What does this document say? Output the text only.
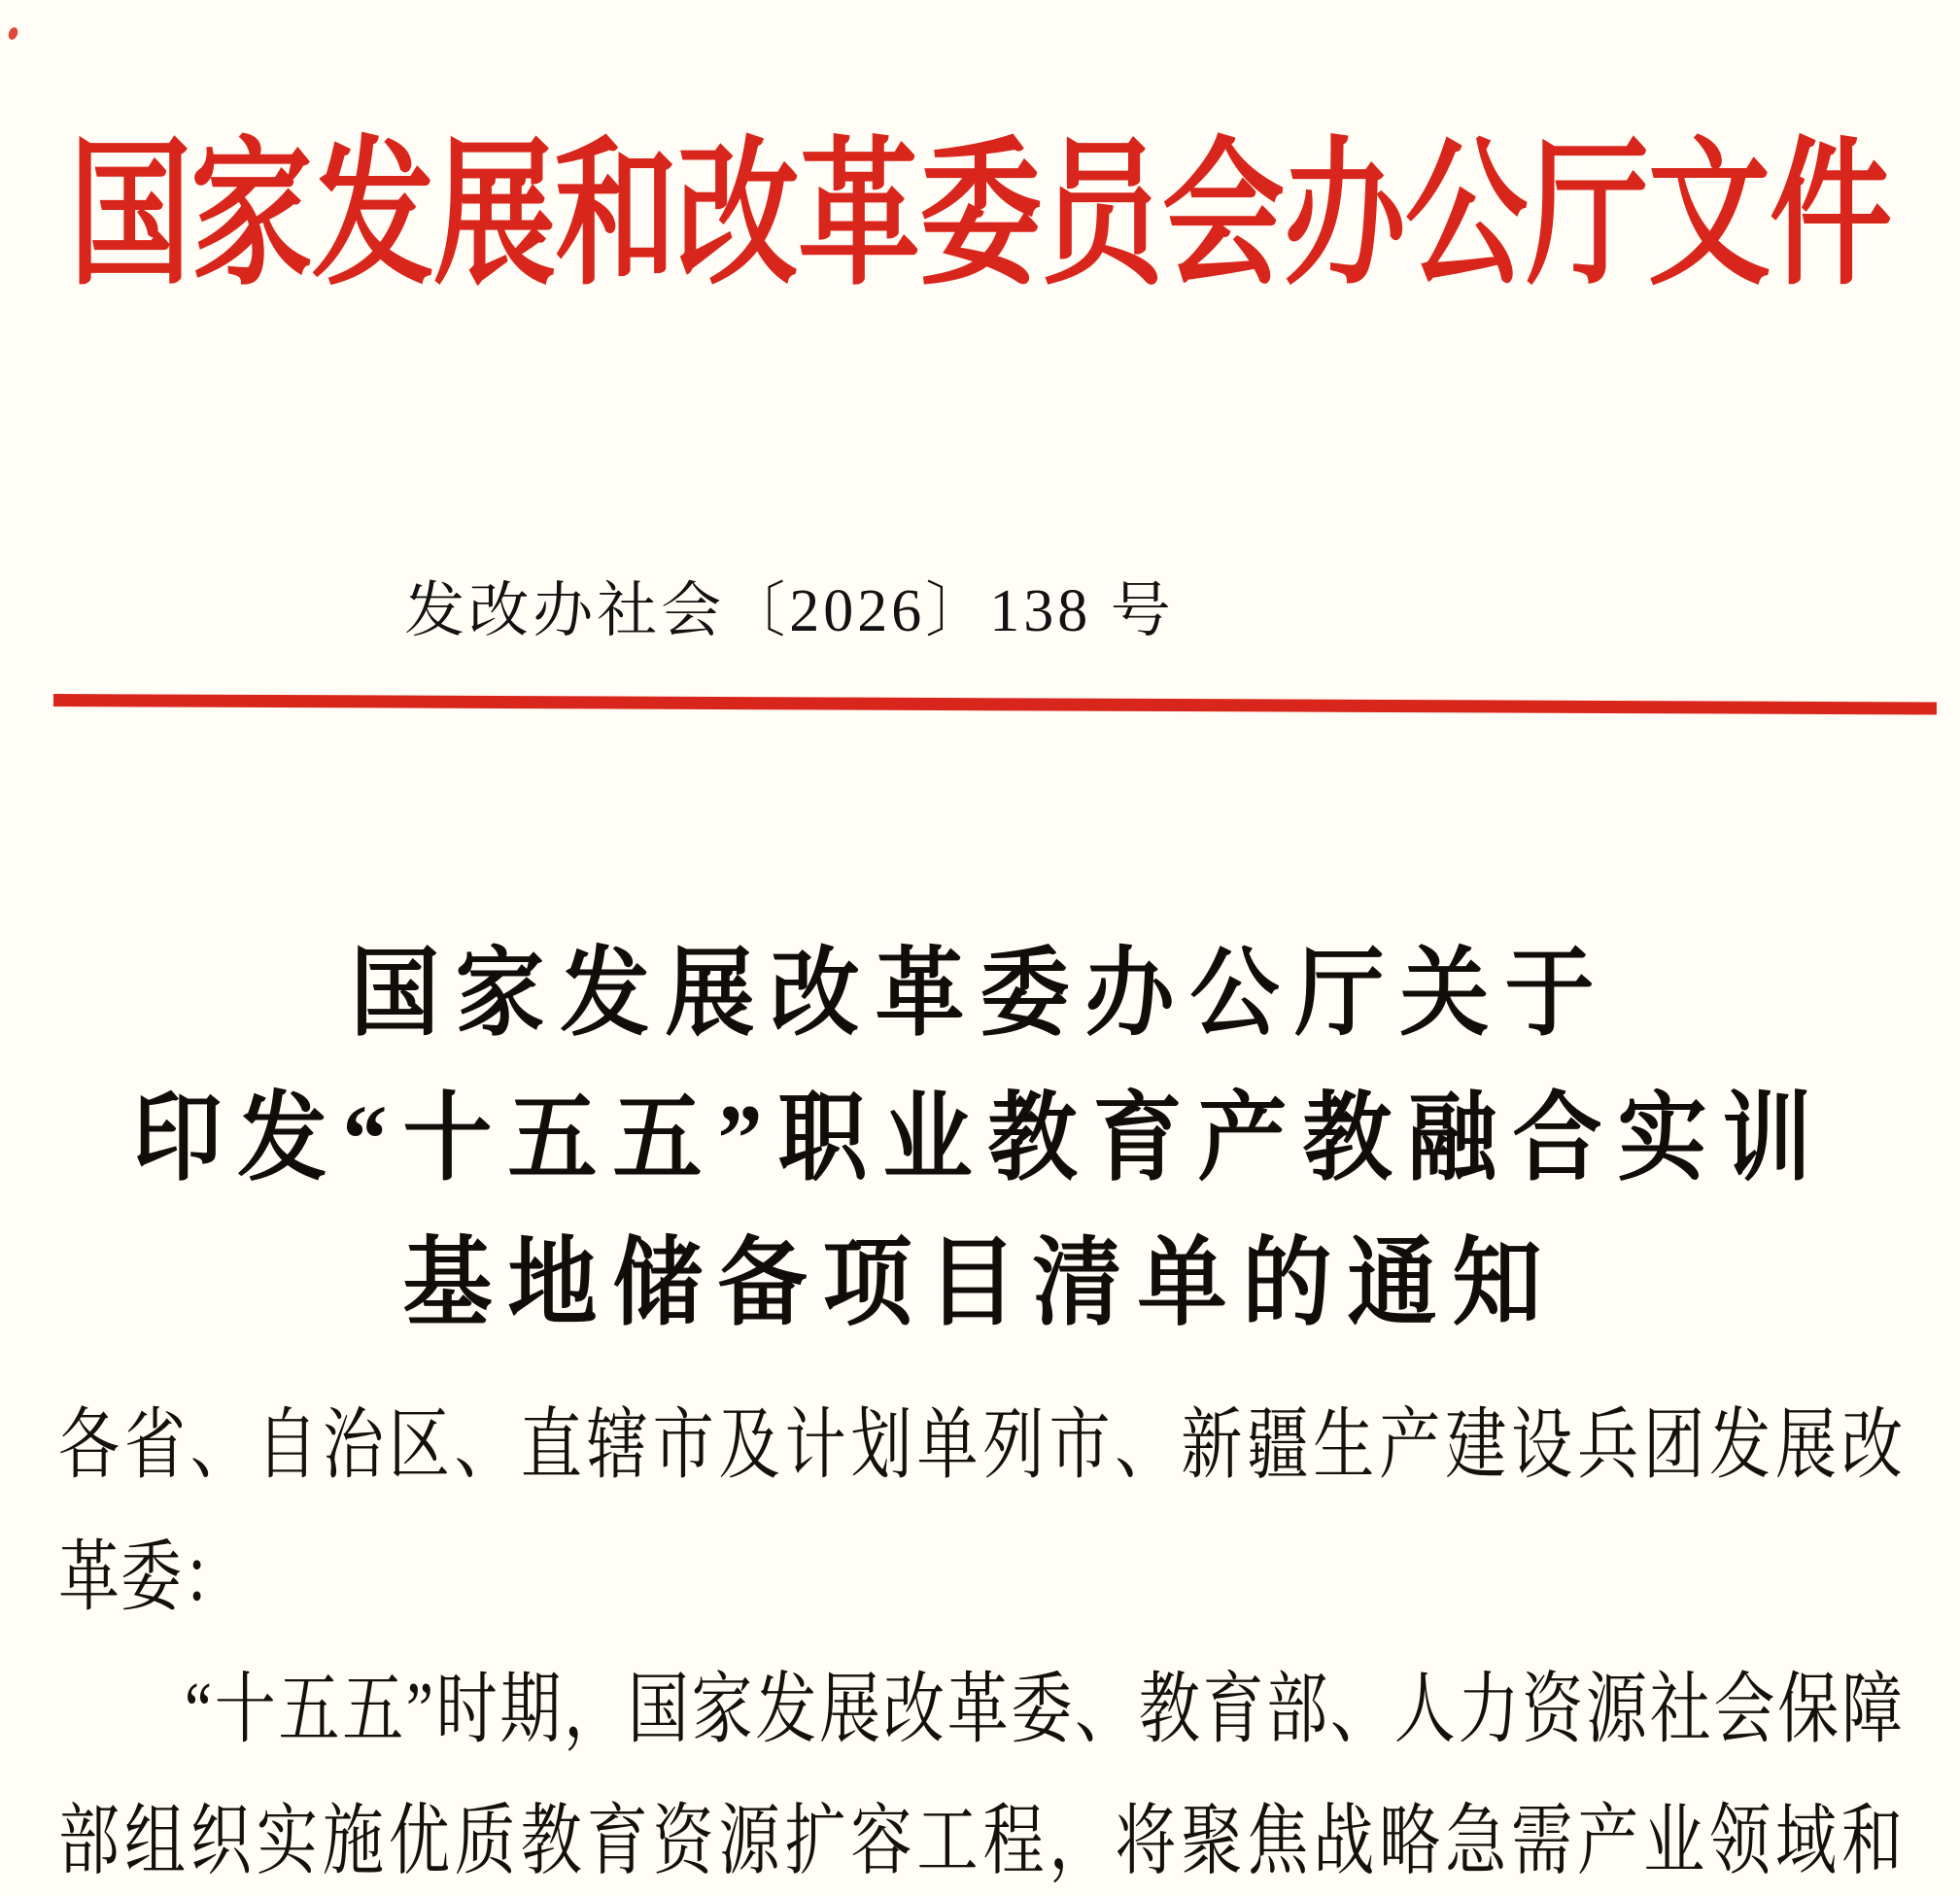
国家发展和改革委员会办公厅文件
发改办社会〔2026〕138 号
国家发展改革委办公厅关于
印发“十五五”职业教育产教融合实训
基地储备项目清单的通知
各省、自治区、直辖市及计划单列市、新疆生产建设兵团发展改
革委：
“十五五”时期，国家发展改革委、教育部、人力资源社会保障
部组织实施优质教育资源扩容工程，将聚焦战略急需产业领域和
